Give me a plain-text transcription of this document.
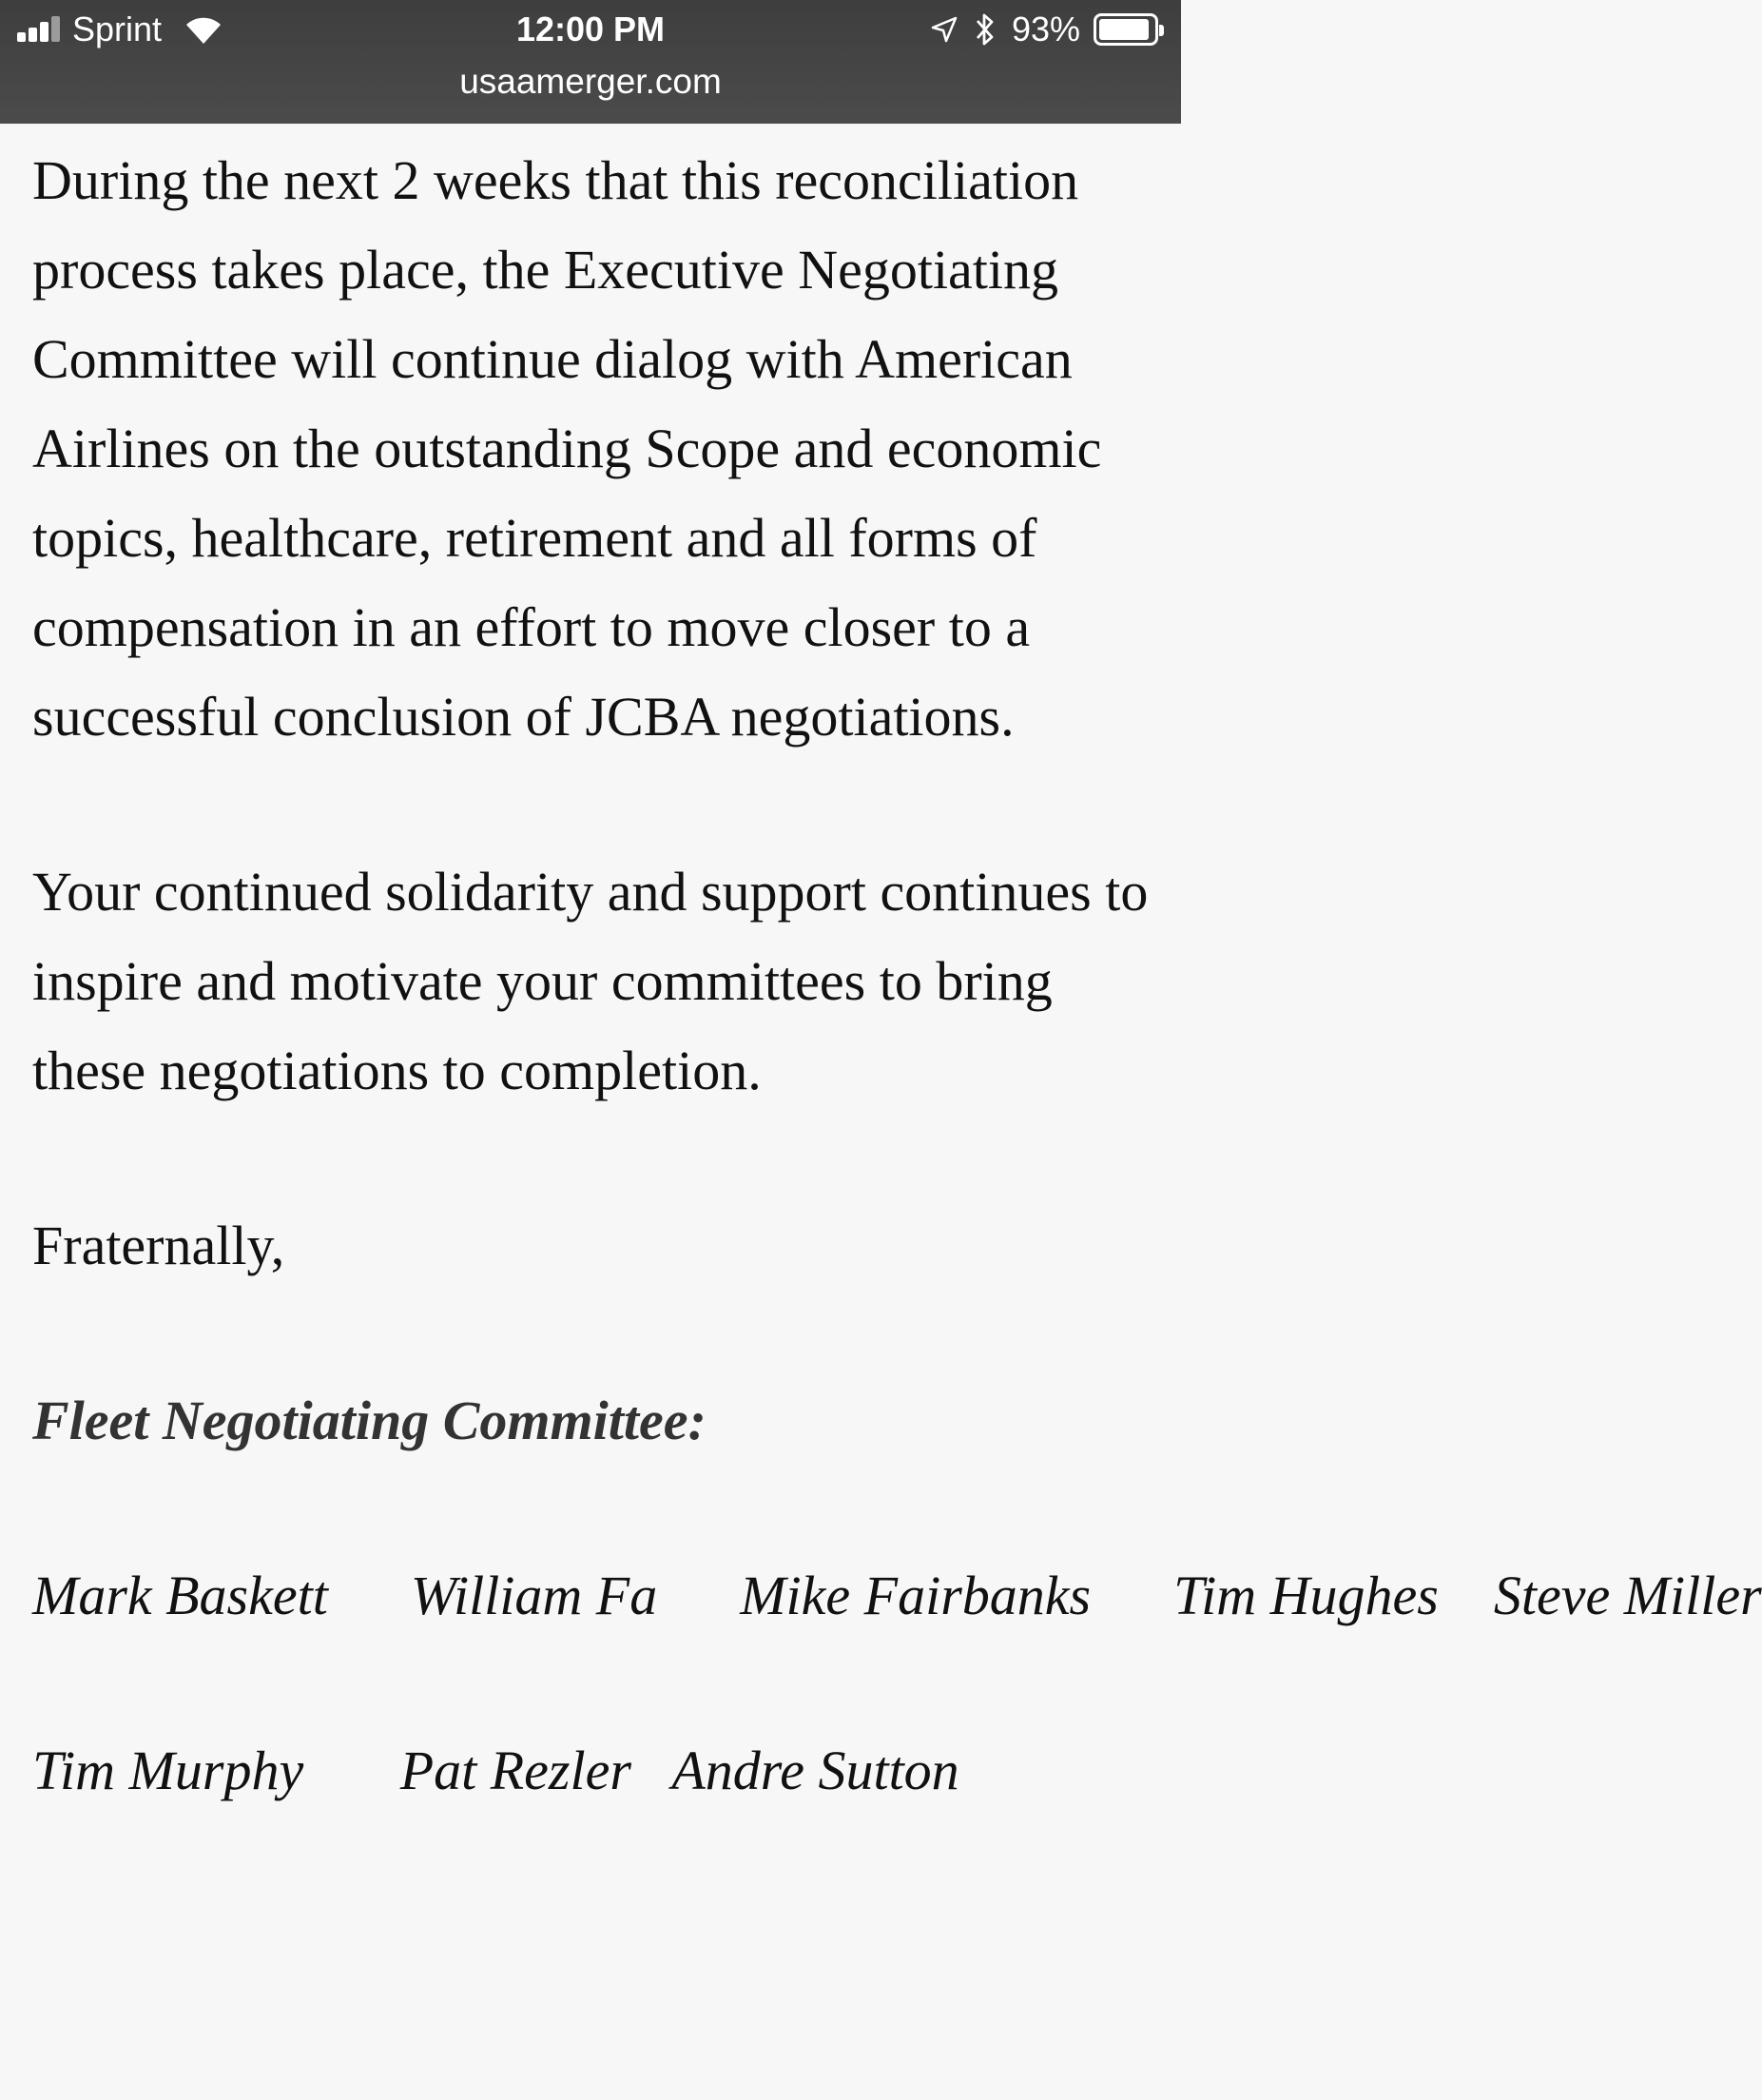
Sprint	12:00 PM	93%
usaamerger.com

During the next 2 weeks that this reconciliation process takes place, the Executive Negotiating Committee will continue dialog with American Airlines on the outstanding Scope and economic topics, healthcare, retirement and all forms of compensation in an effort to move closer to a successful conclusion of JCBA negotiations.

Your continued solidarity and support continues to inspire and motivate your committees to bring these negotiations to completion.

Fraternally,

Fleet Negotiating Committee:

Mark Baskett William Fa Mike Fairbanks Tim Hughes Steve Miller

Tim Murphy Pat Rezler Andre Sutton
